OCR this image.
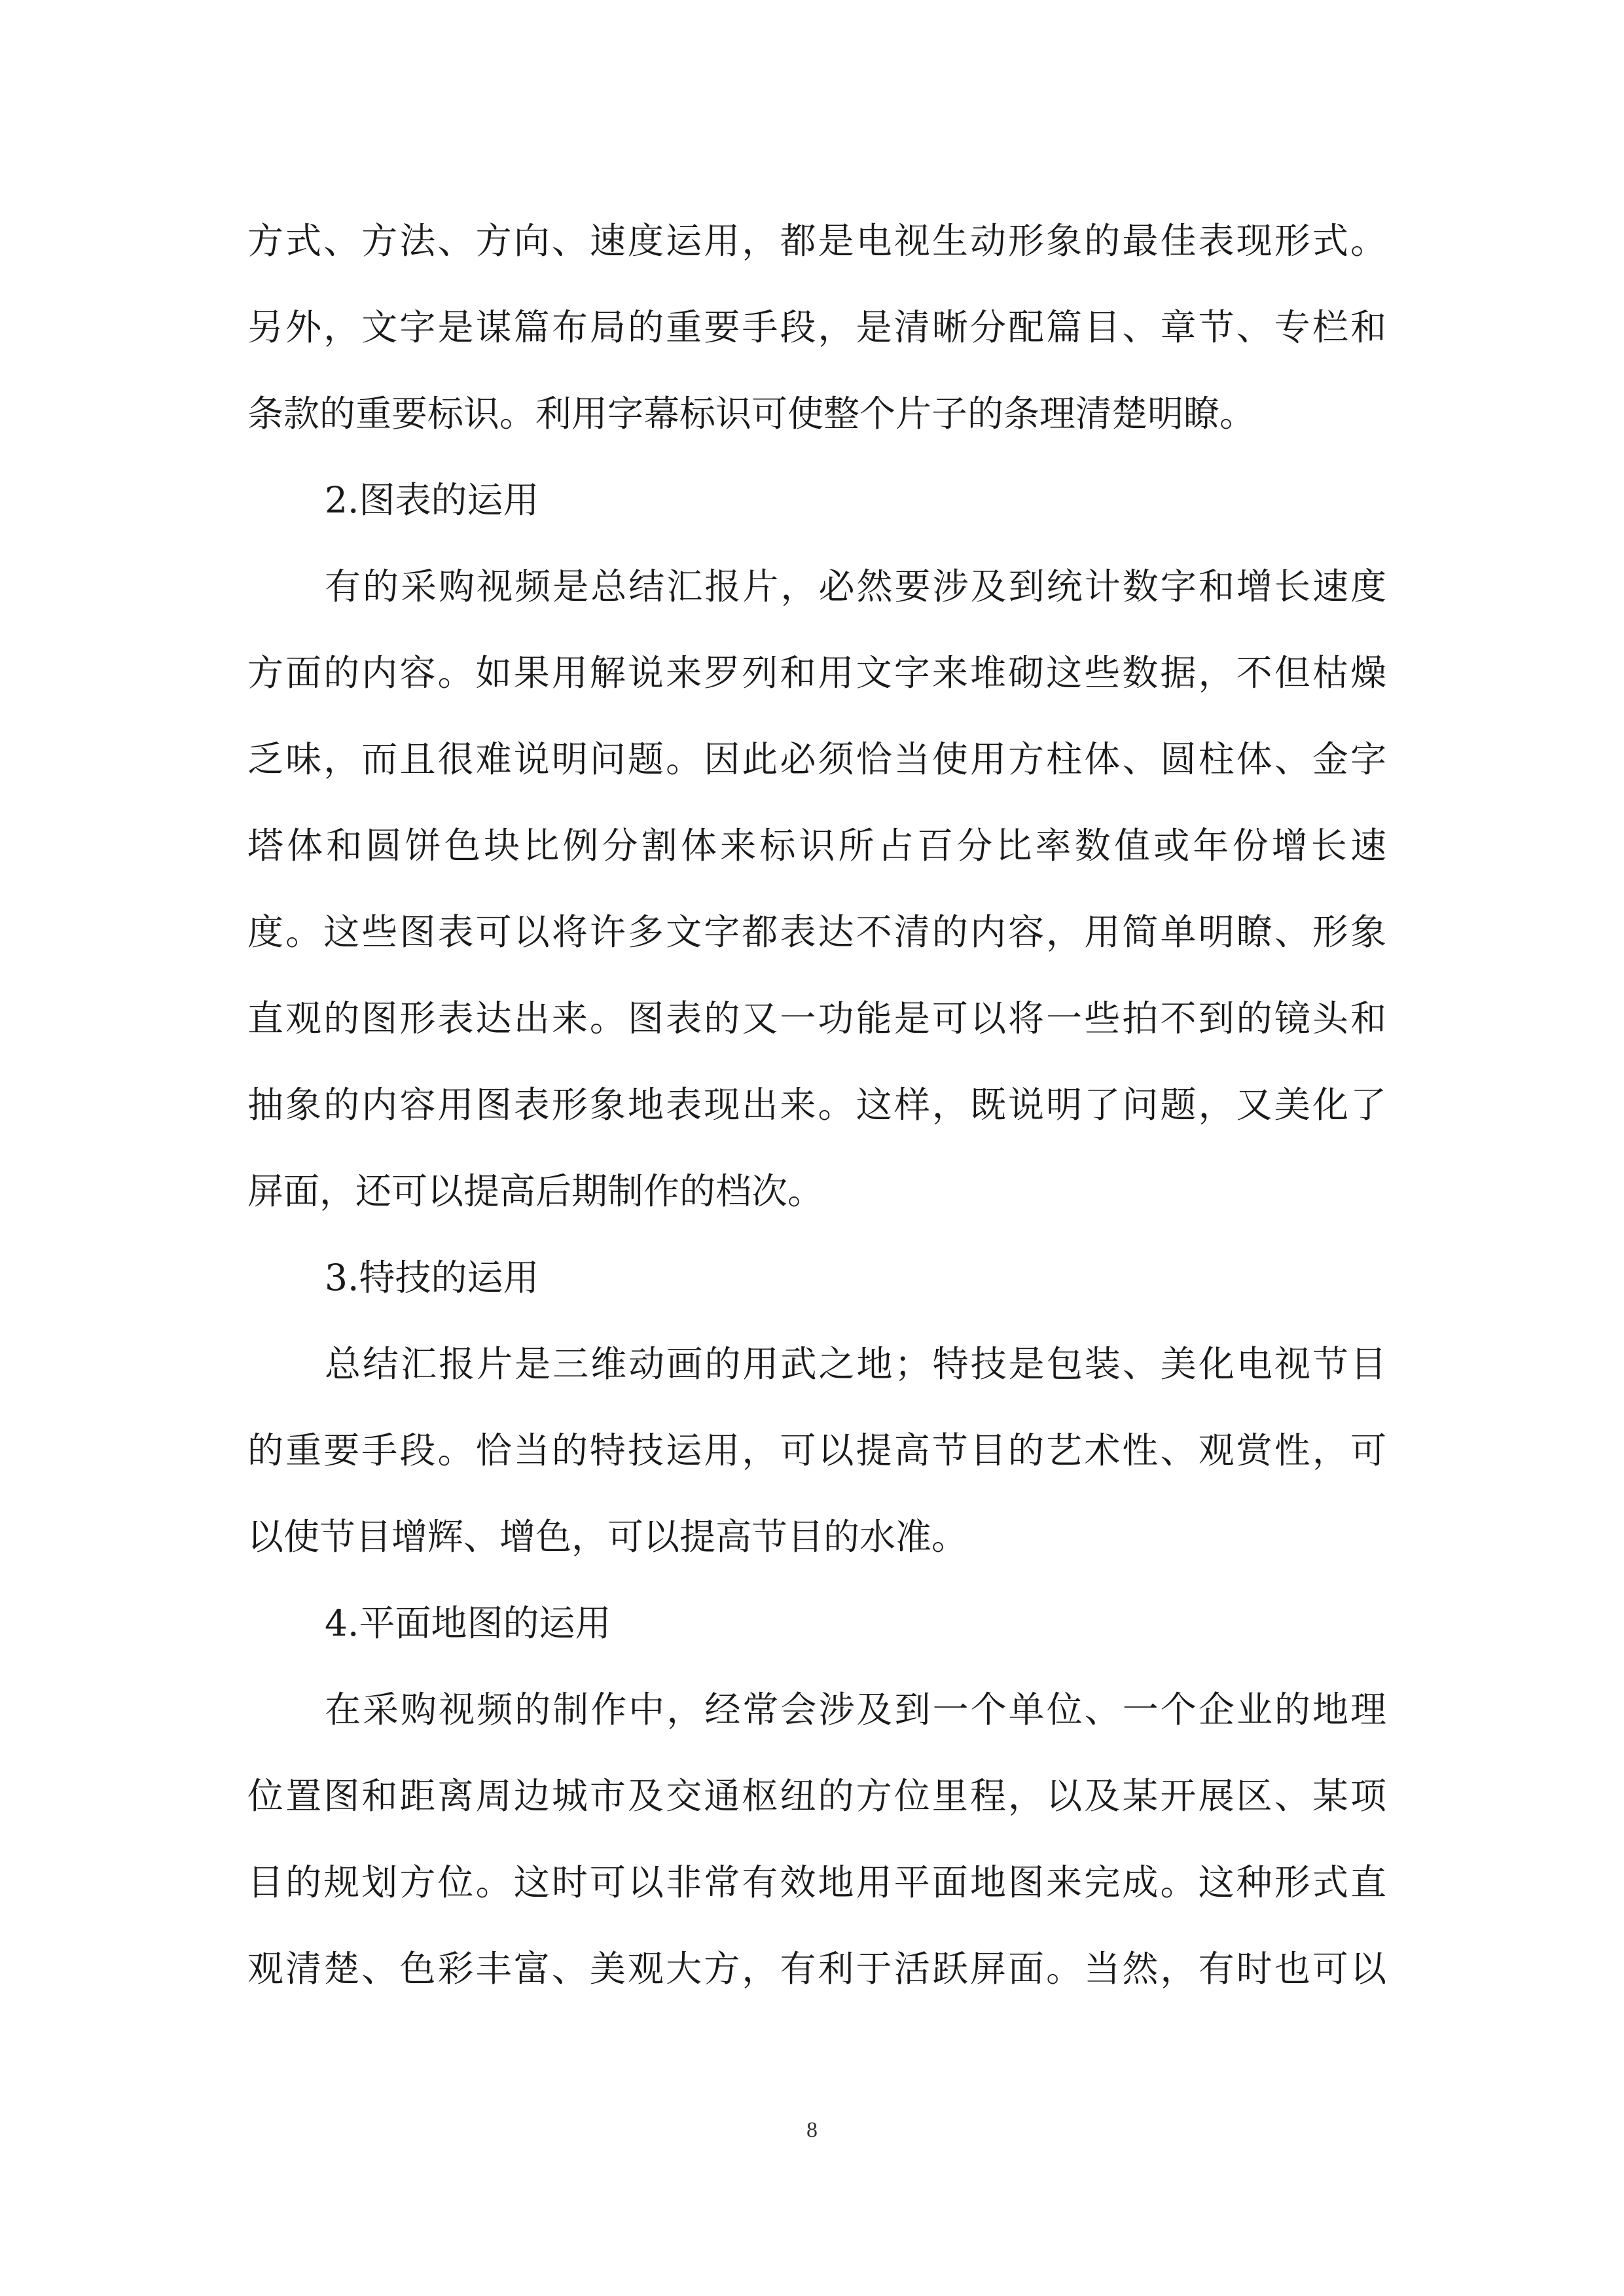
方式、方法、方向、速度运用，都是电视生动形象的最佳表现形式。
另外，文字是谋篇布局的重要手段，是清晰分配篇目、章节、专栏和
条款的重要标识。利用字幕标识可使整个片子的条理清楚明瞭。
2.图表的运用
有的采购视频是总结汇报片，必然要涉及到统计数字和增长速度
方面的内容。如果用解说来罗列和用文字来堆砌这些数据，不但枯燥
乏味，而且很难说明问题。因此必须恰当使用方柱体、圆柱体、金字
塔体和圆饼色块比例分割体来标识所占百分比率数值或年份增长速
度。这些图表可以将许多文字都表达不清的内容，用简单明瞭、形象
直观的图形表达出来。图表的又一功能是可以将一些拍不到的镜头和
抽象的内容用图表形象地表现出来。这样，既说明了问题，又美化了
屏面，还可以提高后期制作的档次。
3.特技的运用
总结汇报片是三维动画的用武之地；特技是包装、美化电视节目
的重要手段。恰当的特技运用，可以提高节目的艺术性、观赏性，可
以使节目增辉、增色，可以提高节目的水准。
4.平面地图的运用
在采购视频的制作中，经常会涉及到一个单位、一个企业的地理
位置图和距离周边城市及交通枢纽的方位里程，以及某开展区、某项
目的规划方位。这时可以非常有效地用平面地图来完成。这种形式直
观清楚、色彩丰富、美观大方，有利于活跃屏面。当然，有时也可以
8
